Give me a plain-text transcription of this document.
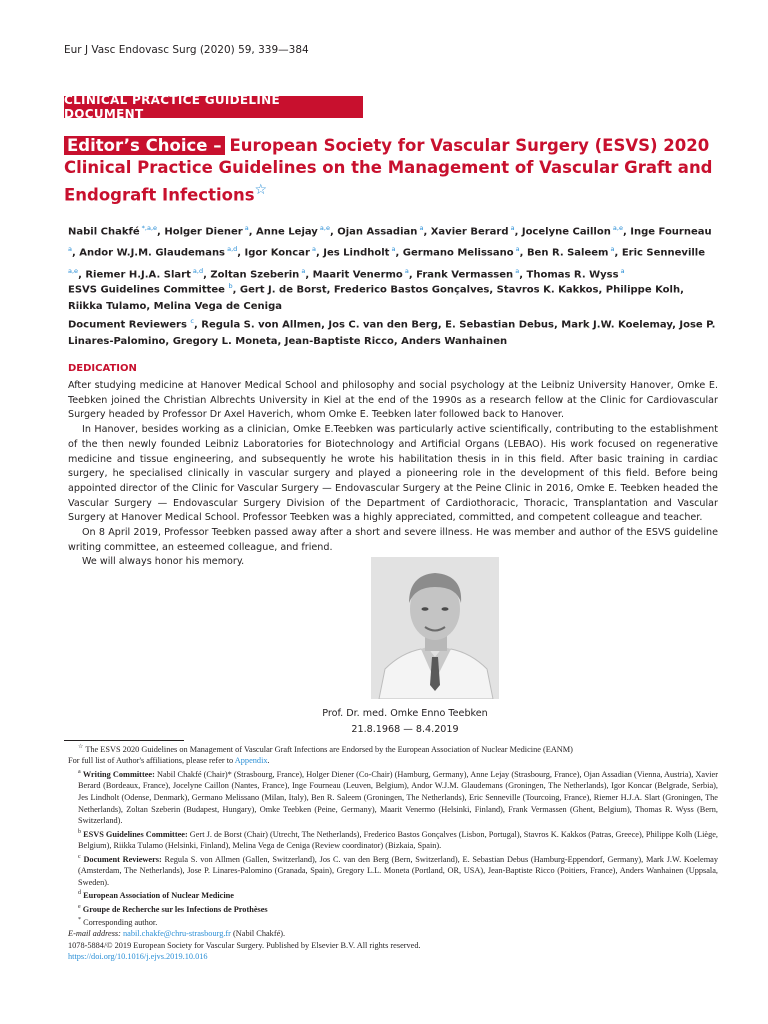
Eur J Vasc Endovasc Surg (2020) 59, 339—384
CLINICAL PRACTICE GUIDELINE DOCUMENT
Editor’s Choice – European Society for Vascular Surgery (ESVS) 2020 Clinical Practice Guidelines on the Management of Vascular Graft and Endograft Infections☆
Nabil Chakfé $^{*,a,e}$, Holger Diener $^a$, Anne Lejay $^{a,e}$, Ojan Assadian $^a$, Xavier Berard $^a$, Jocelyne Caillon $^{a,e}$, Inge Fourneau $^a$, Andor W.J.M. Glaudemans $^{a,d}$, Igor Koncar $^a$, Jes Lindholt $^a$, Germano Melissano $^a$, Ben R. Saleem $^a$, Eric Senneville $^{a,e}$, Riemer H.J.A. Slart $^{a,d}$, Zoltan Szeberin $^a$, Maarit Venermo $^a$, Frank Vermassen $^a$, Thomas R. Wyss $^a$
ESVS Guidelines Committee $^b$, Gert J. de Borst, Frederico Bastos Gonçalves, Stavros K. Kakkos, Philippe Kolh, Riikka Tulamo, Melina Vega de Ceniga
Document Reviewers $^c$, Regula S. von Allmen, Jos C. van den Berg, E. Sebastian Debus, Mark J.W. Koelemay, Jose P. Linares-Palomino, Gregory L. Moneta, Jean-Baptiste Ricco, Anders Wanhainen
DEDICATION

After studying medicine at Hanover Medical School and philosophy and social psychology at the Leibniz University Hanover, Omke E. Teebken joined the Christian Albrechts University in Kiel at the end of the 1990s as a research fellow at the Clinic for Cardiovascular Surgery headed by Professor Dr Axel Haverich, whom Omke E. Teebken later followed back to Hanover.

In Hanover, besides working as a clinician, Omke E.Teebken was particularly active scientifically, contributing to the establishment of the then newly founded Leibniz Laboratories for Biotechnology and Artificial Organs (LEBAO). His work focused on regenerative medicine and tissue engineering, and subsequently he wrote his habilitation thesis in in this field. After basic training in cardiac surgery, he specialised clinically in vascular surgery and played a pioneering role in the development of this field. Before being appointed director of the Clinic for Vascular Surgery — Endovascular Surgery at the Peine Clinic in 2016, Omke E. Teebken headed the Vascular Surgery — Endovascular Surgery Division of the Department of Cardiothoracic, Thoracic, Transplantation and Vascular Surgery at Hanover Medical School. Professor Teebken was a highly appreciated, committed, and competent colleague and teacher.

On 8 April 2019, Professor Teebken passed away after a short and severe illness. He was member and author of the ESVS guideline writing committee, an esteemed colleague, and friend.

We will always honor his memory.

Prof. Dr. med. Omke Enno Teebken
21.8.1968 — 8.4.2019

☆ The ESVS 2020 Guidelines on Management of Vascular Graft Infections are Endorsed by the European Association of Nuclear Medicine (EANM)

For full list of Author's affiliations, please refer to Appendix.

$^a$ Writing Committee: Nabil Chakfé (Chair)* (Strasbourg, France), Holger Diener (Co-Chair) (Hamburg, Germany), Anne Lejay (Strasbourg, France), Ojan Assadian (Vienna, Austria), Xavier Berard (Bordeaux, France), Jocelyne Caillon (Nantes, France), Inge Fourneau (Leuven, Belgium), Andor W.J.M. Glaudemans (Groningen, The Netherlands), Igor Koncar (Belgrade, Serbia), Jes Lindholt (Odense, Denmark), Germano Melissano (Milan, Italy), Ben R. Saleem (Groningen, The Netherlands), Eric Senneville (Tourcoing, France), Riemer H.J.A. Slart (Groningen, The Netherlands), Zoltan Szeberin (Budapest, Hungary), Omke Teebken (Peine, Germany), Maarit Venermo (Helsinki, Finland), Frank Vermassen (Ghent, Belgium), Thomas R. Wyss (Bern, Switzerland).

$^b$ ESVS Guidelines Committee: Gert J. de Borst (Chair) (Utrecht, The Netherlands), Frederico Bastos Gonçalves (Lisbon, Portugal), Stavros K. Kakkos (Patras, Greece), Philippe Kolh (Liège, Belgium), Riikka Tulamo (Helsinki, Finland), Melina Vega de Ceniga (Review coordinator) (Bizkaia, Spain).

$^c$ Document Reviewers: Regula S. von Allmen (Gallen, Switzerland), Jos C. van den Berg (Bern, Switzerland), E. Sebastian Debus (Hamburg-Eppendorf, Germany), Mark J.W. Koelemay (Amsterdam, The Netherlands), Jose P. Linares-Palomino (Granada, Spain), Gregory L.L. Moneta (Portland, OR, USA), Jean-Baptiste Ricco (Poitiers, France), Anders Wanhainen (Uppsala, Sweden).

$^d$ European Association of Nuclear Medicine

$^e$ Groupe de Recherche sur les Infections de Prothèses

* Corresponding author.

E-mail address: nabil.chakfe@chru-strasbourg.fr (Nabil Chakfé).

1078-5884/© 2019 European Society for Vascular Surgery. Published by Elsevier B.V. All rights reserved.

https://doi.org/10.1016/j.ejvs.2019.10.016
